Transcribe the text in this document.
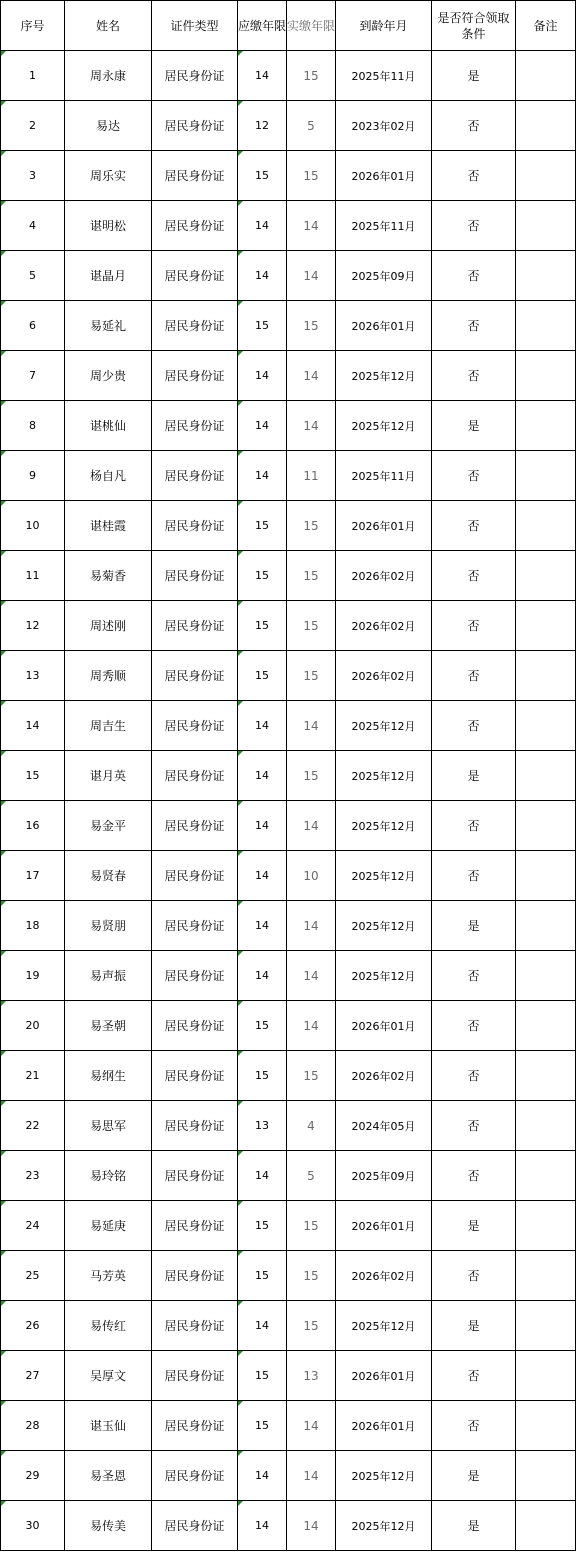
序号	姓名	证件类型	应缴年限	实缴年限	到龄年月	是否符合领取条件	备注

1	周永康	居民身份证	14	15	2025年11月	是	

2	易达	居民身份证	12	5	2023年02月	否	

3	周乐实	居民身份证	15	15	2026年01月	否	

4	谌明松	居民身份证	14	14	2025年11月	否	

5	谌晶月	居民身份证	14	14	2025年09月	否	

6	易延礼	居民身份证	15	15	2026年01月	否	

7	周少贵	居民身份证	14	14	2025年12月	否	

8	谌桃仙	居民身份证	14	14	2025年12月	是	

9	杨自凡	居民身份证	14	11	2025年11月	否	

10	谌桂霞	居民身份证	15	15	2026年01月	否	

11	易菊香	居民身份证	15	15	2026年02月	否	

12	周述刚	居民身份证	15	15	2026年02月	否	

13	周秀顺	居民身份证	15	15	2026年02月	否	

14	周吉生	居民身份证	14	14	2025年12月	否	

15	谌月英	居民身份证	14	15	2025年12月	是	

16	易金平	居民身份证	14	14	2025年12月	否	

17	易贤春	居民身份证	14	10	2025年12月	否	

18	易贤朋	居民身份证	14	14	2025年12月	是	

19	易声振	居民身份证	14	14	2025年12月	否	

20	易圣朝	居民身份证	15	14	2026年01月	否	

21	易纲生	居民身份证	15	15	2026年02月	否	

22	易思军	居民身份证	13	4	2024年05月	否	

23	易玲铭	居民身份证	14	5	2025年09月	否	

24	易延庚	居民身份证	15	15	2026年01月	是	

25	马芳英	居民身份证	15	15	2026年02月	否	

26	易传红	居民身份证	14	15	2025年12月	是	

27	吴厚文	居民身份证	15	13	2026年01月	否	

28	谌玉仙	居民身份证	15	14	2026年01月	否	

29	易圣恩	居民身份证	14	14	2025年12月	是	

30	易传美	居民身份证	14	14	2025年12月	是	
